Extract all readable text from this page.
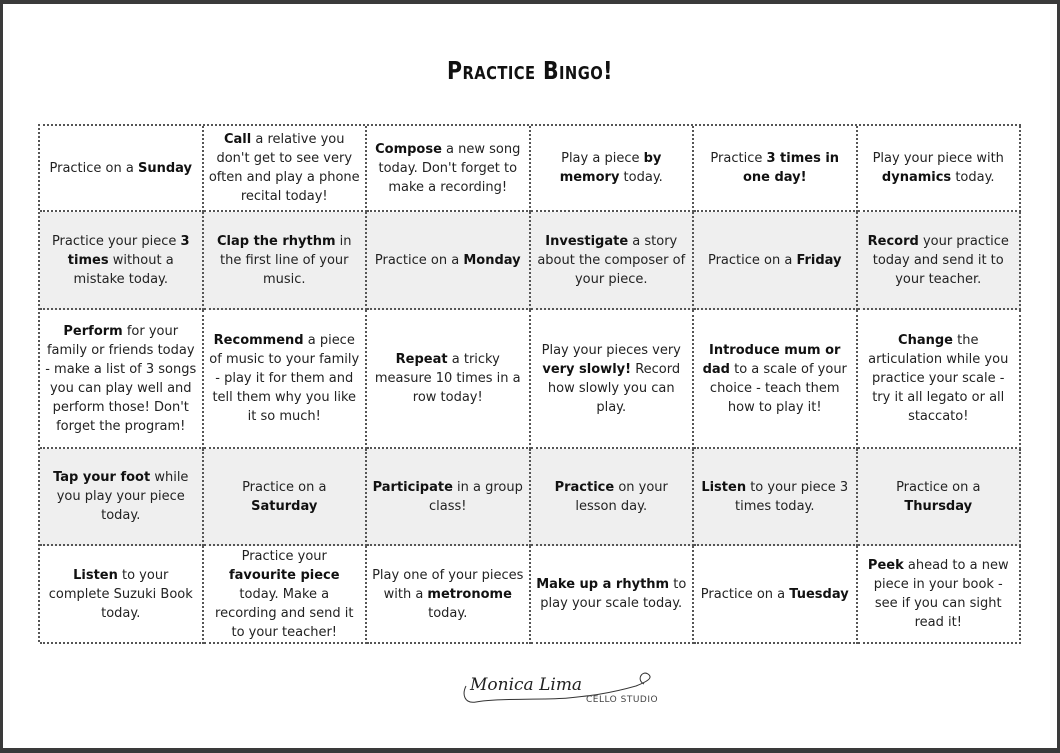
Practice Bingo!
Practice on a Sunday
Call a relative you don't get to see very often and play a phone recital today!
Compose a new song today. Don't forget to make a recording!
Play a piece by memory today.
Practice 3 times in one day!
Play your piece with dynamics today.
Practice your piece 3 times without a mistake today.
Clap the rhythm in the first line of your music.
Practice on a Monday
Investigate a story about the composer of your piece.
Practice on a Friday
Record your practice today and send it to your teacher.
Perform for your family or friends today - make a list of 3 songs you can play well and perform those! Don't forget the program!
Recommend a piece of music to your family - play it for them and tell them why you like it so much!
Repeat a tricky measure 10 times in a row today!
Play your pieces very very slowly! Record how slowly you can play.
Introduce mum or dad to a scale of your choice - teach them how to play it!
Change the articulation while you practice your scale - try it all legato or all staccato!
Tap your foot while you play your piece today.
Practice on a Saturday
Participate in a group class!
Practice on your lesson day.
Listen to your piece 3 times today.
Practice on a Thursday
Listen to your complete Suzuki Book today.
Practice your favourite piece today. Make a recording and send it to your teacher!
Play one of your pieces with a metronome today.
Make up a rhythm to play your scale today.
Practice on a Tuesday
Peek ahead to a new piece in your book - see if you can sight read it!
Monica Lima
CELLO STUDIO
